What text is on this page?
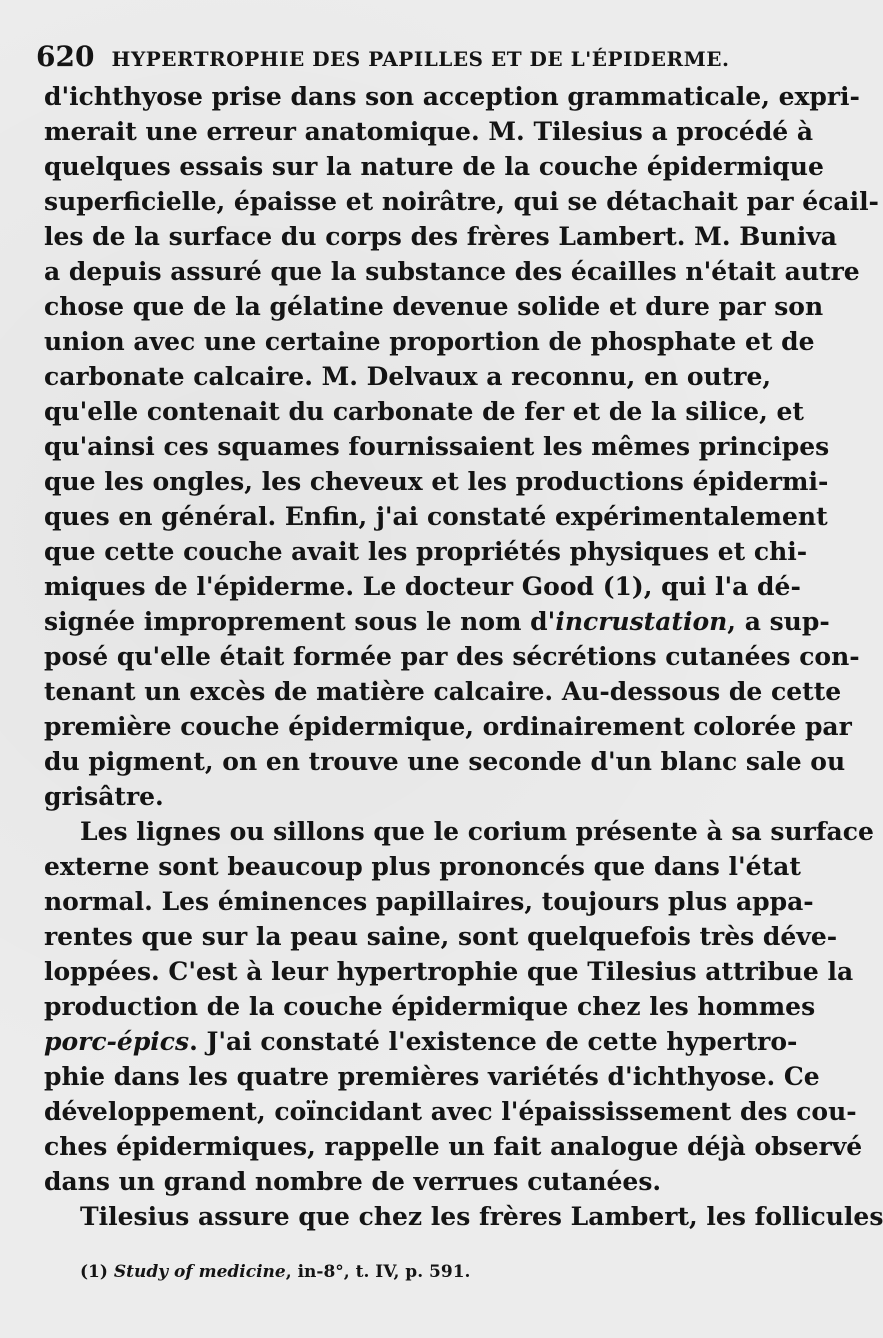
620 HYPERTROPHIE DES PAPILLES ET DE L'ÉPIDERME.
d'ichthyose prise dans son acception grammaticale, expri-
merait une erreur anatomique. M. Tilesius a procédé à
quelques essais sur la nature de la couche épidermique
superficielle, épaisse et noirâtre, qui se détachait par écail-
les de la surface du corps des frères Lambert. M. Buniva
a depuis assuré que la substance des écailles n'était autre
chose que de la gélatine devenue solide et dure par son
union avec une certaine proportion de phosphate et de
carbonate calcaire. M. Delvaux a reconnu, en outre,
qu'elle contenait du carbonate de fer et de la silice, et
qu'ainsi ces squames fournissaient les mêmes principes
que les ongles, les cheveux et les productions épidermi-
ques en général. Enfin, j'ai constaté expérimentalement
que cette couche avait les propriétés physiques et chi-
miques de l'épiderme. Le docteur Good (1), qui l'a dé-
signée improprement sous le nom d'incrustation, a sup-
posé qu'elle était formée par des sécrétions cutanées con-
tenant un excès de matière calcaire. Au-dessous de cette
première couche épidermique, ordinairement colorée par
du pigment, on en trouve une seconde d'un blanc sale ou
grisâtre.
Les lignes ou sillons que le corium présente à sa surface
externe sont beaucoup plus prononcés que dans l'état
normal. Les éminences papillaires, toujours plus appa-
rentes que sur la peau saine, sont quelquefois très déve-
loppées. C'est à leur hypertrophie que Tilesius attribue la
production de la couche épidermique chez les hommes
porc-épics. J'ai constaté l'existence de cette hypertro-
phie dans les quatre premières variétés d'ichthyose. Ce
développement, coïncidant avec l'épaississement des cou-
ches épidermiques, rappelle un fait analogue déjà observé
dans un grand nombre de verrues cutanées.
Tilesius assure que chez les frères Lambert, les follicules
(1) Study of medicine, in-8°, t. IV, p. 591.
